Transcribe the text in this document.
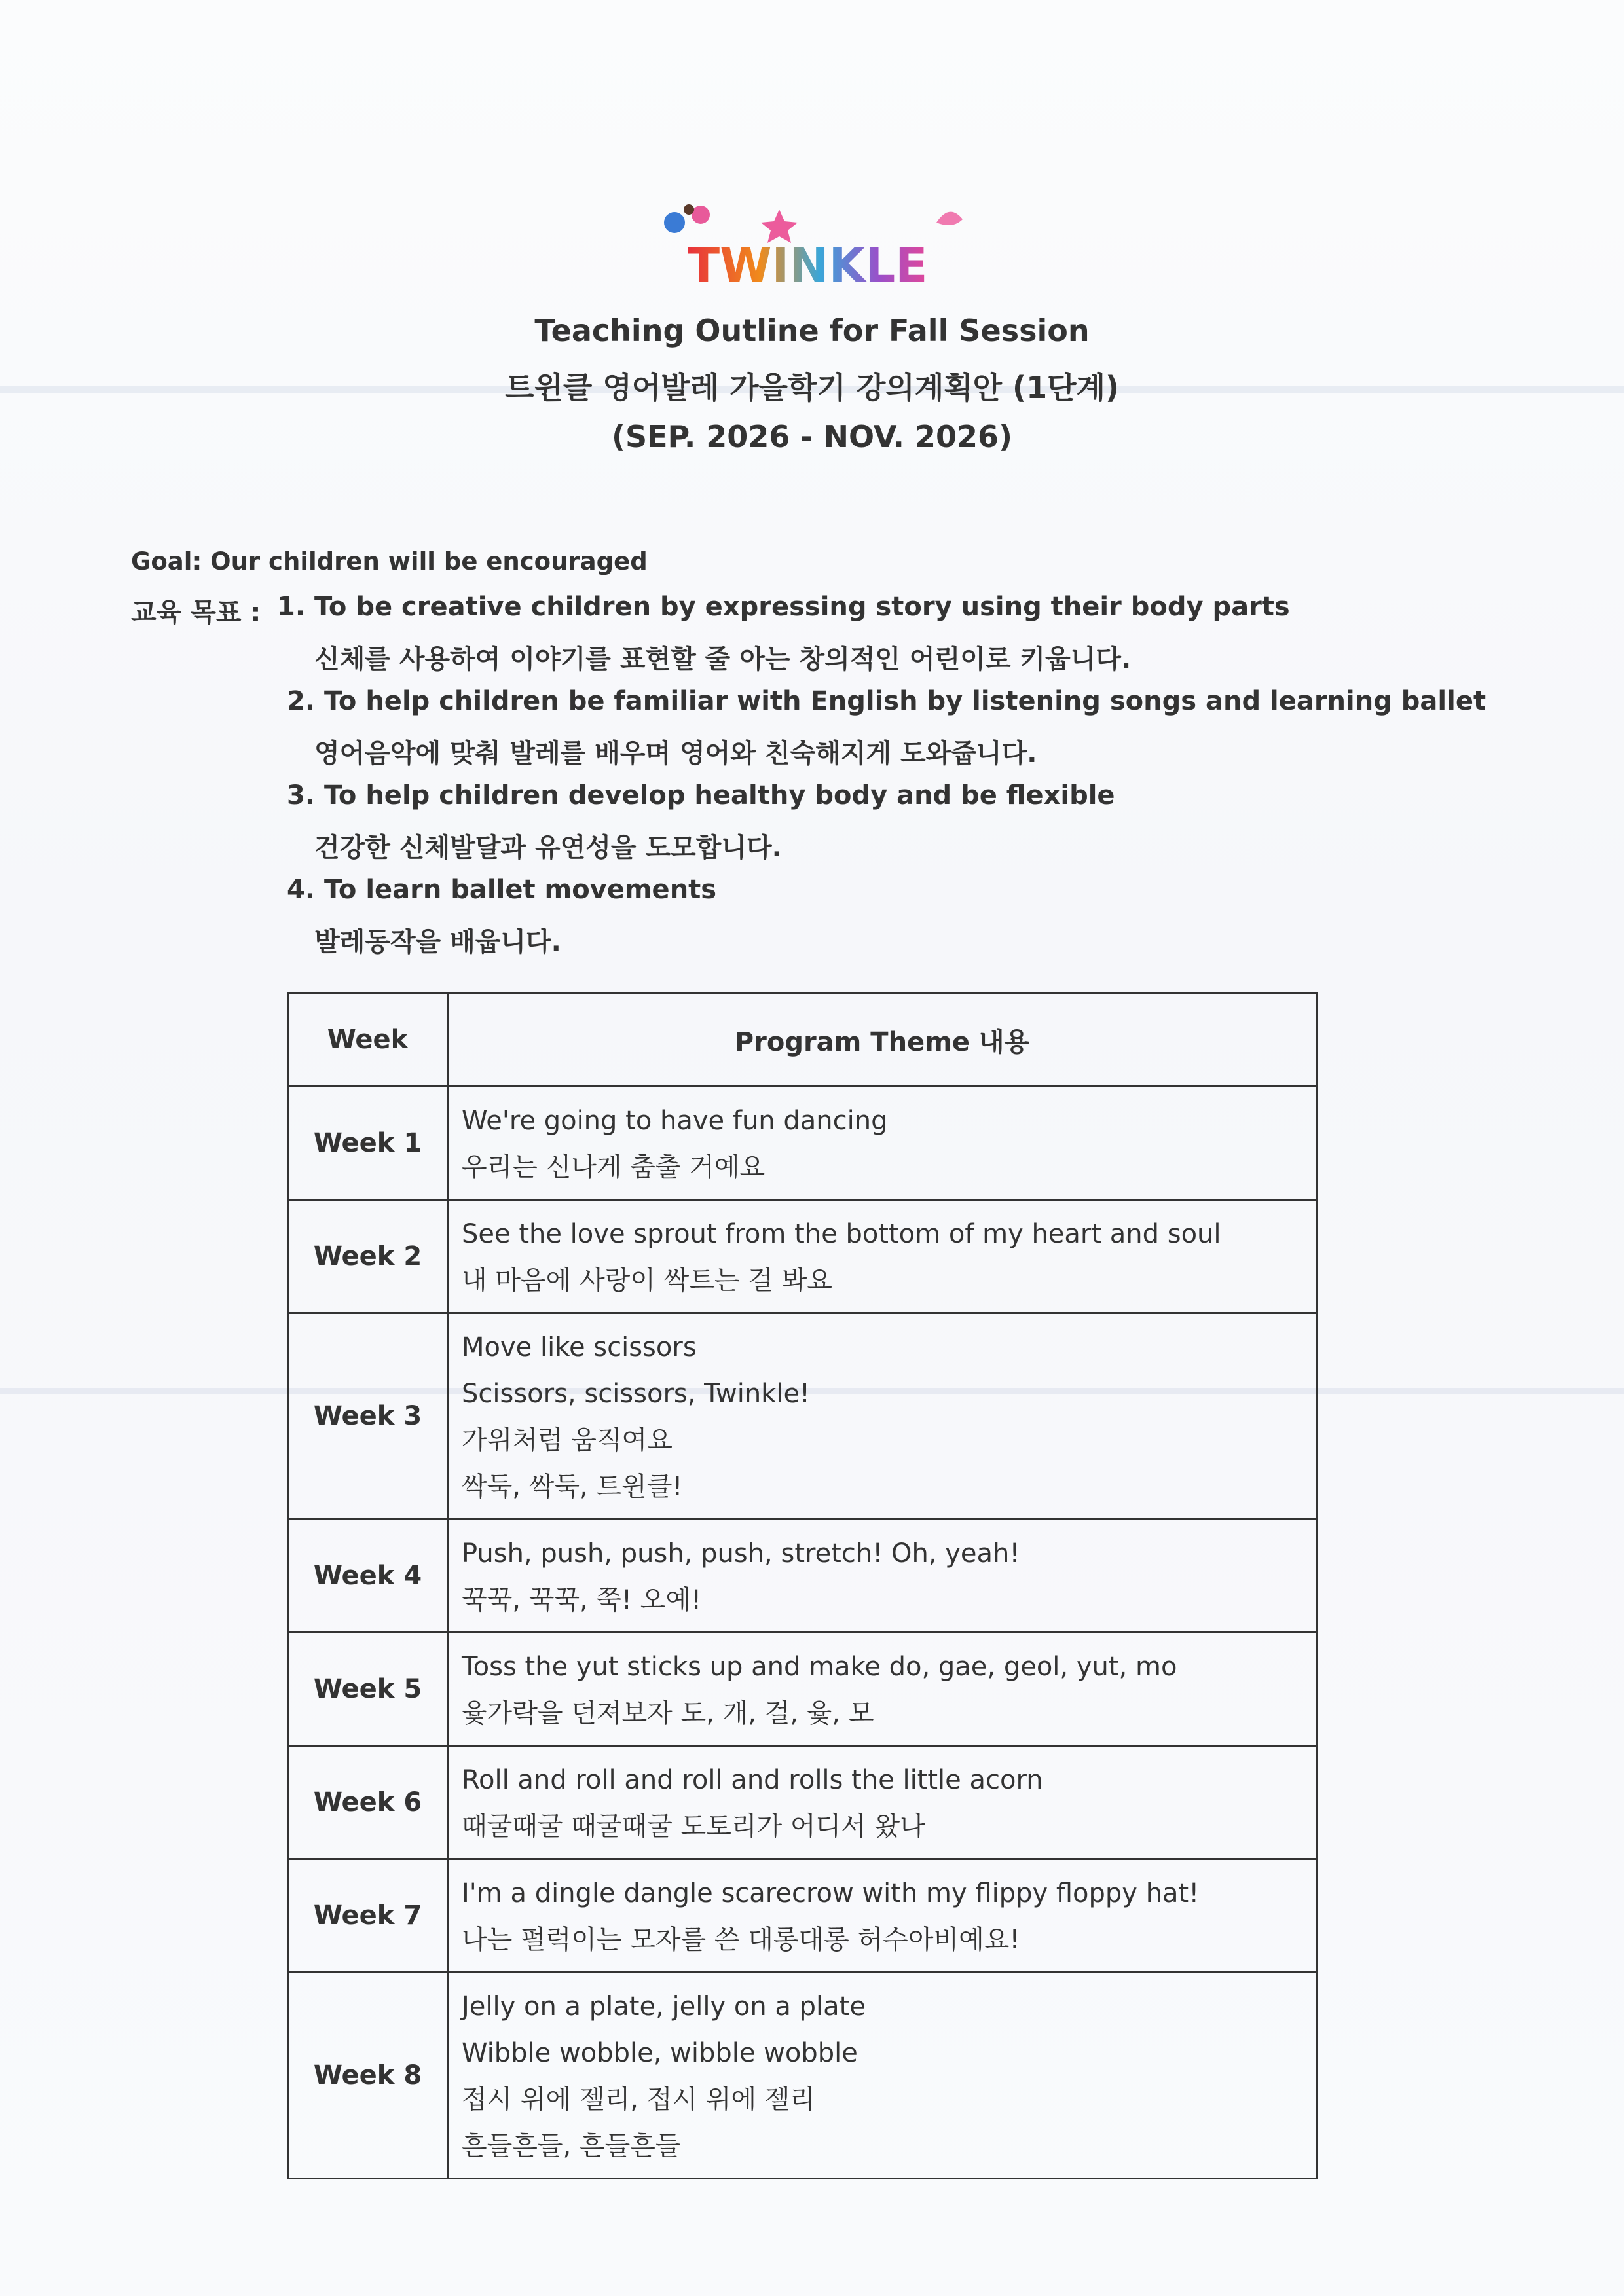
TWINKLE
Teaching Outline for Fall Session
트윈클 영어발레 가을학기 강의계획안 (1단계)
(SEP. 2026 - NOV. 2026)
Goal: Our children will be encouraged
교육 목표 : 1. To be creative children by expressing story using their body parts
신체를 사용하여 이야기를 표현할 줄 아는 창의적인 어린이로 키웁니다.
2. To help children be familiar with English by listening songs and learning ballet
영어음악에 맞춰 발레를 배우며 영어와 친숙해지게 도와줍니다.
3. To help children develop healthy body and be flexible
건강한 신체발달과 유연성을 도모합니다.
4. To learn ballet movements
발레동작을 배웁니다.
Week	Program Theme 내용
Week 1	We're going to have fun dancing
우리는 신나게 춤출 거예요

Week 2	See the love sprout from the bottom of my heart and soul
내 마음에 사랑이 싹트는 걸 봐요

Week 3	Move like scissors
Scissors, scissors, Twinkle!
가위처럼 움직여요
싹둑, 싹둑, 트윈클!

Week 4	Push, push, push, push, stretch! Oh, yeah!
꾹꾹, 꾹꾹, 쭉! 오예!

Week 5	Toss the yut sticks up and make do, gae, geol, yut, mo
윷가락을 던져보자 도, 개, 걸, 윷, 모

Week 6	Roll and roll and roll and rolls the little acorn
때굴때굴 때굴때굴 도토리가 어디서 왔나

Week 7	I'm a dingle dangle scarecrow with my flippy floppy hat!
나는 펄럭이는 모자를 쓴 대롱대롱 허수아비예요!

Week 8	Jelly on a plate, jelly on a plate
Wibble wobble, wibble wobble
접시 위에 젤리, 접시 위에 젤리
흔들흔들, 흔들흔들
